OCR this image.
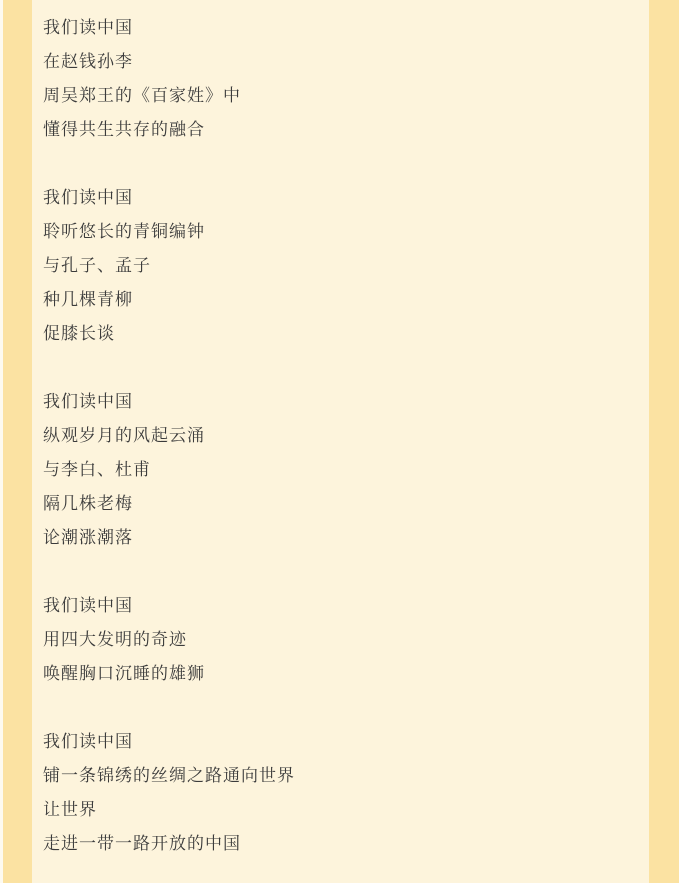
我们读中国

在赵钱孙李

周吴郑王的《百家姓》中

懂得共生共存的融合

我们读中国

聆听悠长的青铜编钟

与孔子、孟子

种几棵青柳

促膝长谈

我们读中国

纵观岁月的风起云涌

与李白、杜甫

隔几株老梅

论潮涨潮落

我们读中国

用四大发明的奇迹

唤醒胸口沉睡的雄狮

我们读中国

铺一条锦绣的丝绸之路通向世界

让世界

走进一带一路开放的中国
